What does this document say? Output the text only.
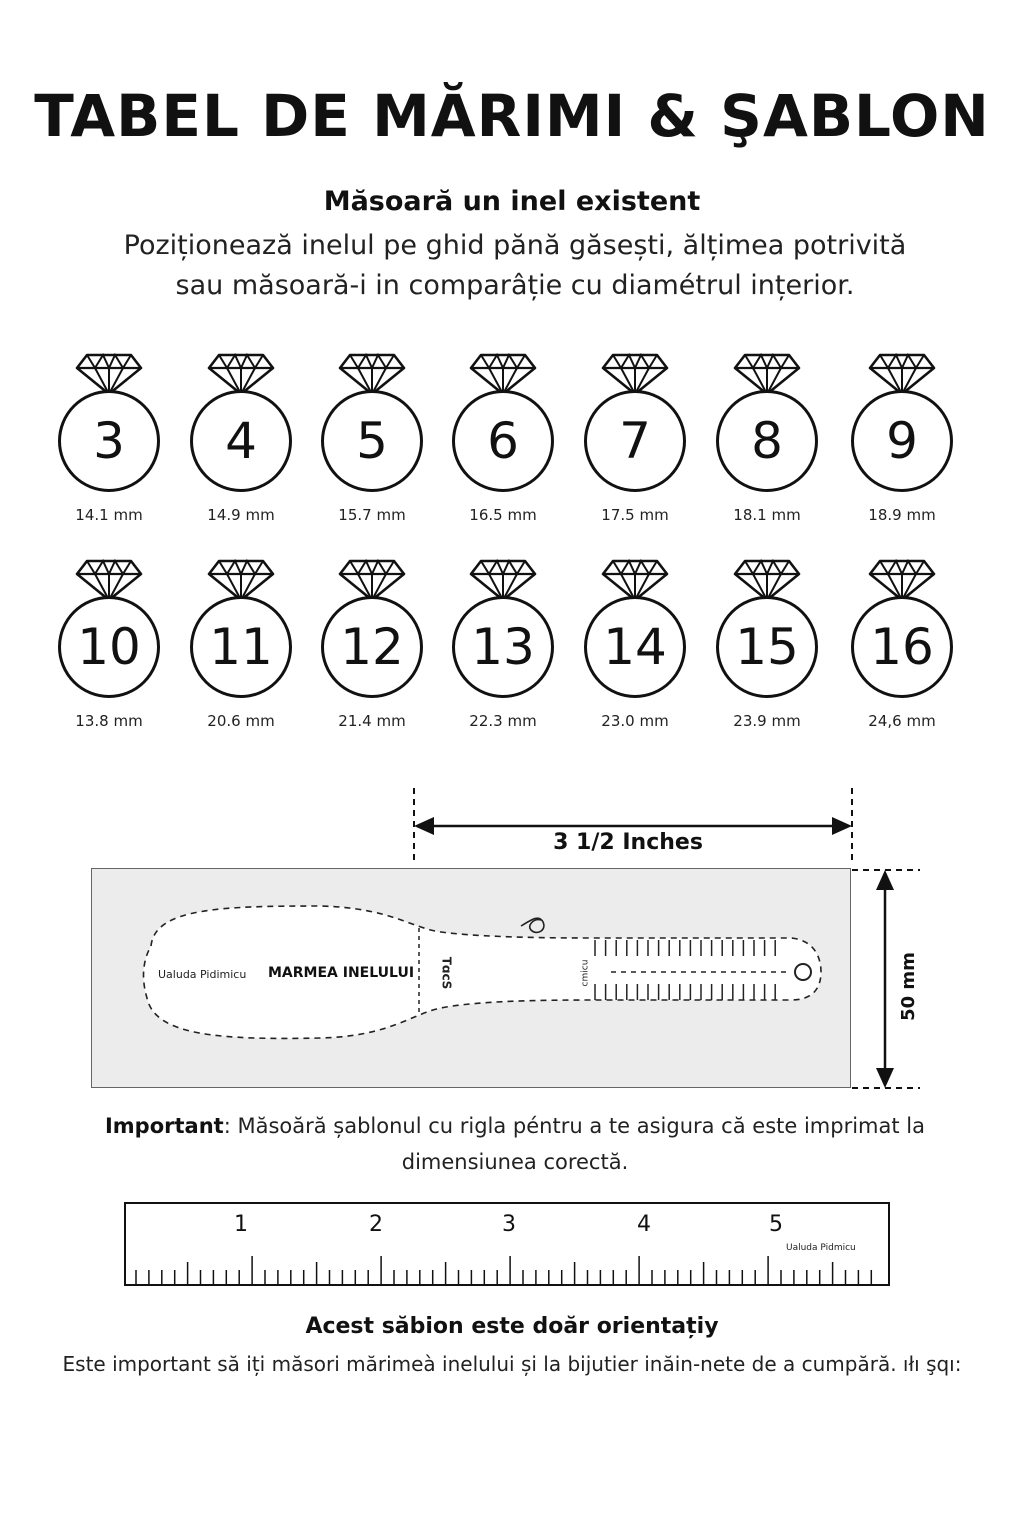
TABEL DE MĂRIMI & ŞABLON
Măsoară un inel existent
Poziționează inelul pe ghid pănă găsești, ălțimea potrivită sau măsoară-i in comparâție cu diamétrul ințerior.
3
14.1 mm
4
14.9 mm
5
15.7 mm
6
16.5 mm
7
17.5 mm
8
18.1 mm
9
18.9 mm
10
13.8 mm
11
20.6 mm
12
21.4 mm
13
22.3 mm
14
23.0 mm
15
23.9 mm
16
24,6 mm
3 1/2 Inches
Ualuda Pidimicu MARMEA INELULUI TɑcS	cmicu	50 mm
Important: Măsoără șablonul cu rigla péntru a te asigura că este imprimat la dimensiunea corectă.
1	2	3	4	5
Ualuda Pidmicu
Acest săbion este doăr orientațiy
Este important să iți măsori mărimeà inelului și la bijutier inăin-nete de a cumpără. ıłı şqı:
